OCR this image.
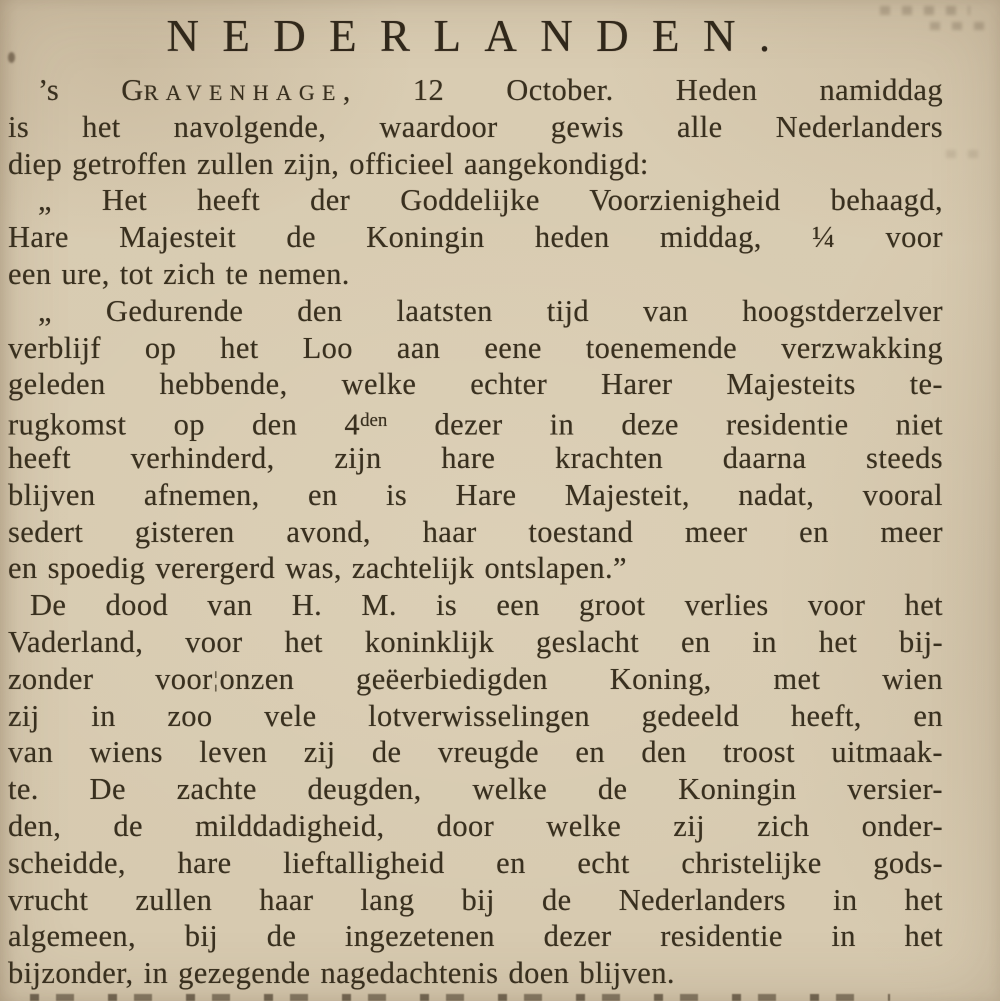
NEDERLANDEN.
’s GRAVENHAGE, 12 October. Heden namiddag
is het navolgende, waardoor gewis alle Nederlanders
diep getroffen zullen zijn, officieel aangekondigd:
„ Het heeft der Goddelijke Voorzienigheid behaagd,
Hare Majesteit de Koningin heden middag, ¼ voor
een ure, tot zich te nemen.
„ Gedurende den laatsten tijd van hoogstderzelver
verblijf op het Loo aan eene toenemende verzwakking
geleden hebbende, welke echter Harer Majesteits te-
rugkomst op den $4^{den}$ dezer in deze residentie niet
heeft verhinderd, zijn hare krachten daarna steeds
blijven afnemen, en is Hare Majesteit, nadat, vooral
sedert gisteren avond, haar toestand meer en meer
en spoedig verergerd was, zachtelijk ontslapen.”
De dood van H. M. is een groot verlies voor het
Vaderland, voor het koninklijk geslacht en in het bij-
zonder voor¦onzen geëerbiedigden Koning, met wien
zij in zoo vele lotverwisselingen gedeeld heeft, en
van wiens leven zij de vreugde en den troost uitmaak-
te. De zachte deugden, welke de Koningin versier-
den, de milddadigheid, door welke zij zich onder-
scheidde, hare lieftalligheid en echt christelijke gods-
vrucht zullen haar lang bij de Nederlanders in het
algemeen, bij de ingezetenen dezer residentie in het
bijzonder, in gezegende nagedachtenis doen blijven.
